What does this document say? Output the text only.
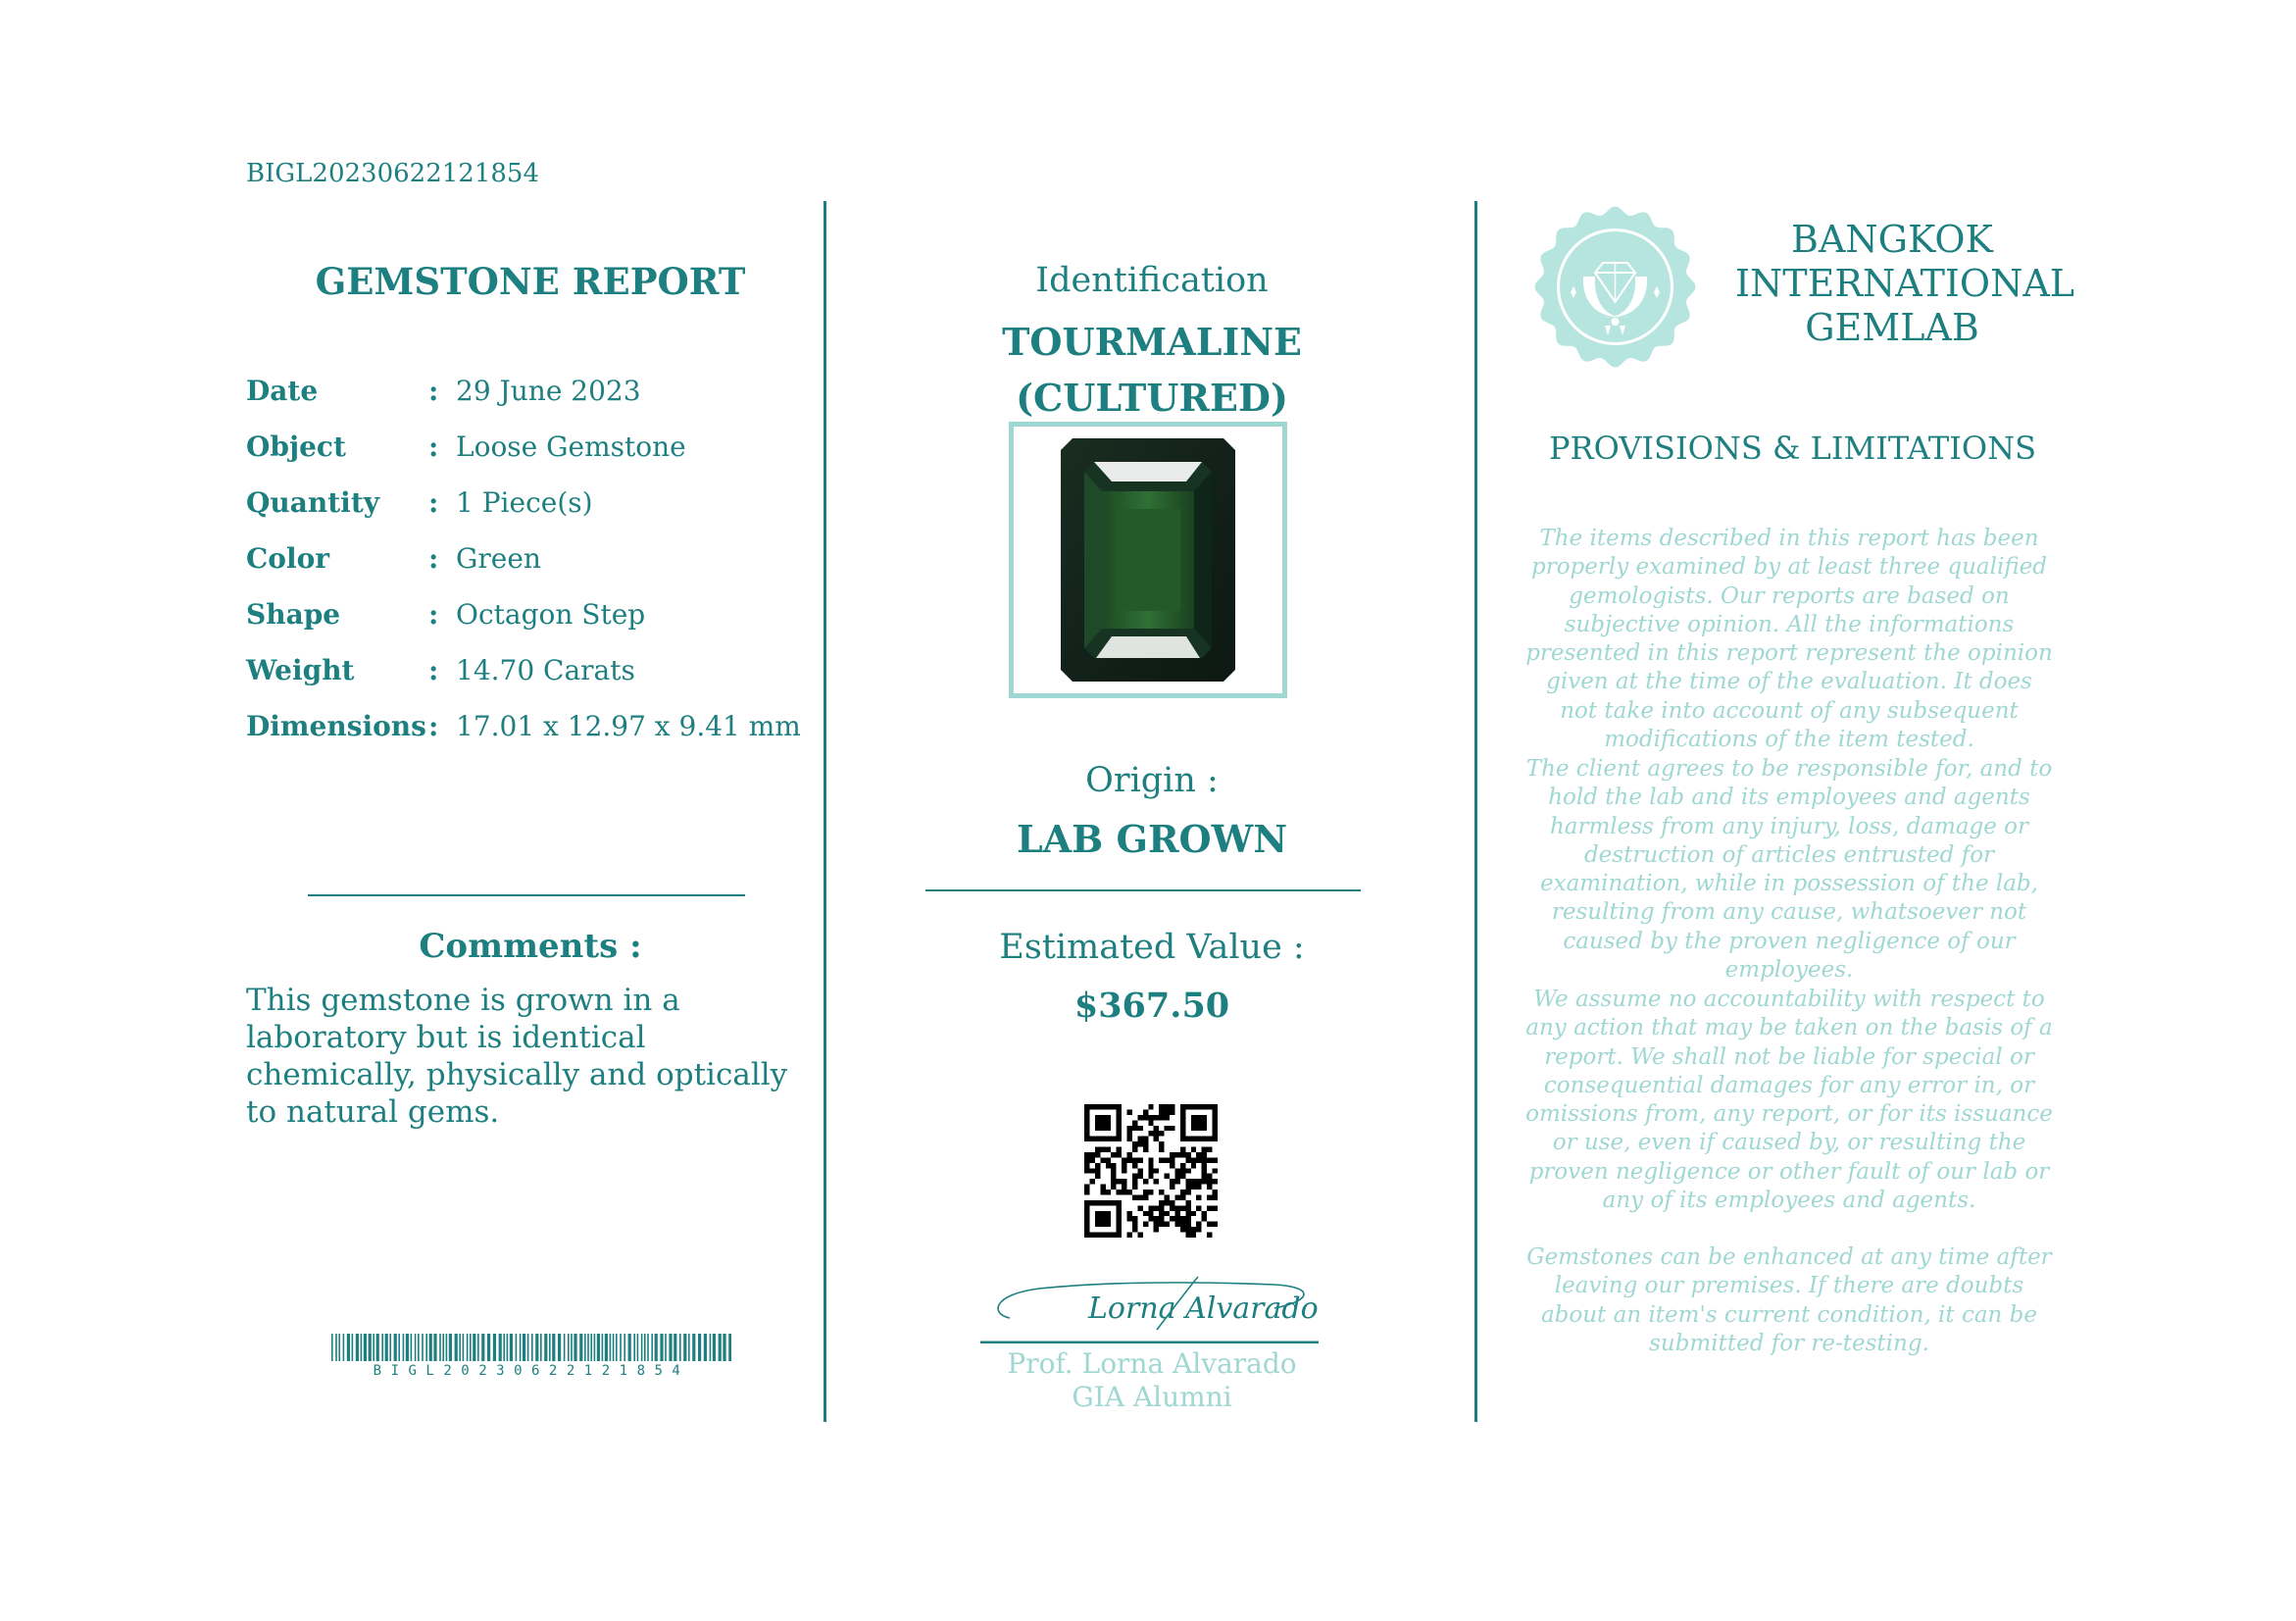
BIGL20230622121854
GEMSTONE REPORT
Date	: 29 June 2023
Object	: Loose Gemstone
Quantity : 1 Piece(s)
Color	: Green
Shape	: Octagon Step
Weight	: 14.70 Carats
Dimensions : 17.01 x 12.97 x 9.41 mm
Comments :
This gemstone is grown in a laboratory but is identical chemically, physically and optically to natural gems.
BIGL20230622121854
Identification
TOURMALINE
(CULTURED)
Origin :
LAB GROWN
Estimated Value :
$367.50
Lorna Alvarado
Prof. Lorna Alvarado
GIA Alumni
BANGKOK
INTERNATIONAL
GEMLAB
PROVISIONS & LIMITATIONS
The items described in this report has been properly examined by at least three qualified gemologists. Our reports are based on subjective opinion. All the informations presented in this report represent the opinion given at the time of the evaluation. It does not take into account of any subsequent modifications of the item tested.
The client agrees to be responsible for, and to hold the lab and its employees and agents harmless from any injury, loss, damage or destruction of articles entrusted for examination, while in possession of the lab, resulting from any cause, whatsoever not caused by the proven negligence of our employees.
We assume no accountability with respect to any action that may be taken on the basis of a report. We shall not be liable for special or consequential damages for any error in, or omissions from, any report, or for its issuance or use, even if caused by, or resulting the proven negligence or other fault of our lab or any of its employees and agents.
Gemstones can be enhanced at any time after leaving our premises. If there are doubts about an item's current condition, it can be submitted for re-testing.
